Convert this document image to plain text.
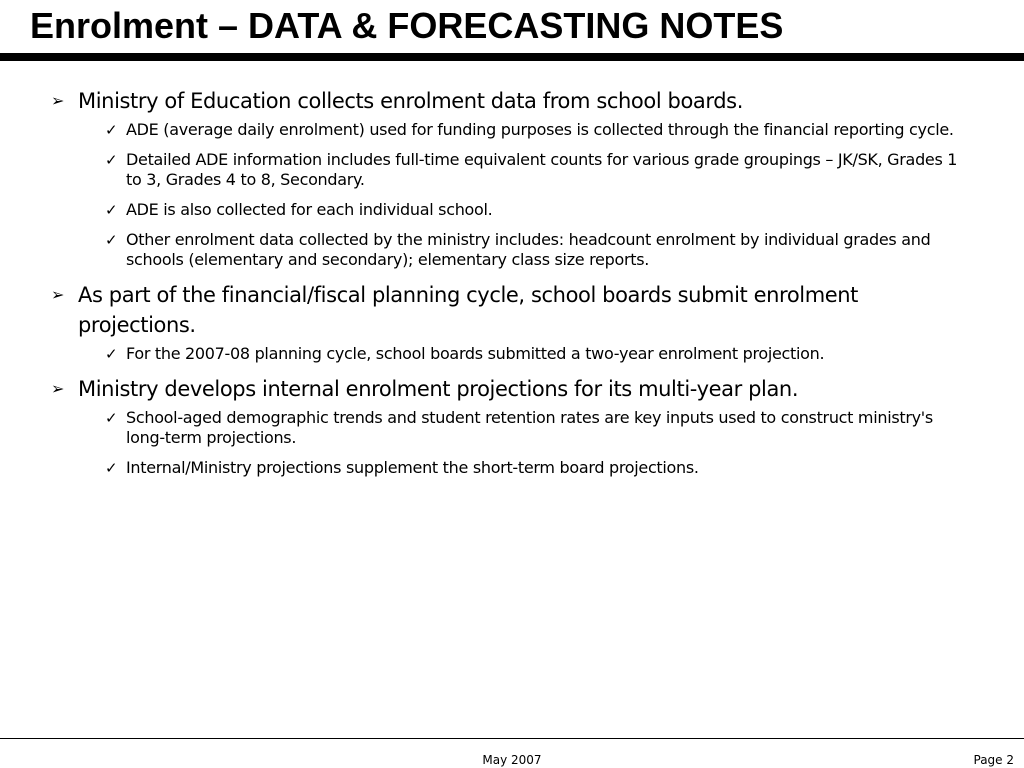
Enrolment – DATA & FORECASTING NOTES
➢ Ministry of Education collects enrolment data from school boards.
✓ ADE (average daily enrolment) used for funding purposes is collected through the financial reporting cycle.
✓ Detailed ADE information includes full-time equivalent counts for various grade groupings – JK/SK, Grades 1 to 3, Grades 4 to 8, Secondary.
✓ ADE is also collected for each individual school.
✓ Other enrolment data collected by the ministry includes: headcount enrolment by individual grades and schools (elementary and secondary); elementary class size reports.
➢ As part of the financial/fiscal planning cycle, school boards submit enrolment projections.
✓ For the 2007-08 planning cycle, school boards submitted a two-year enrolment projection.
➢ Ministry develops internal enrolment projections for its multi-year plan.
✓ School-aged demographic trends and student retention rates are key inputs used to construct ministry's long-term projections.
✓ Internal/Ministry projections supplement the short-term board projections.
May 2007	Page 2
